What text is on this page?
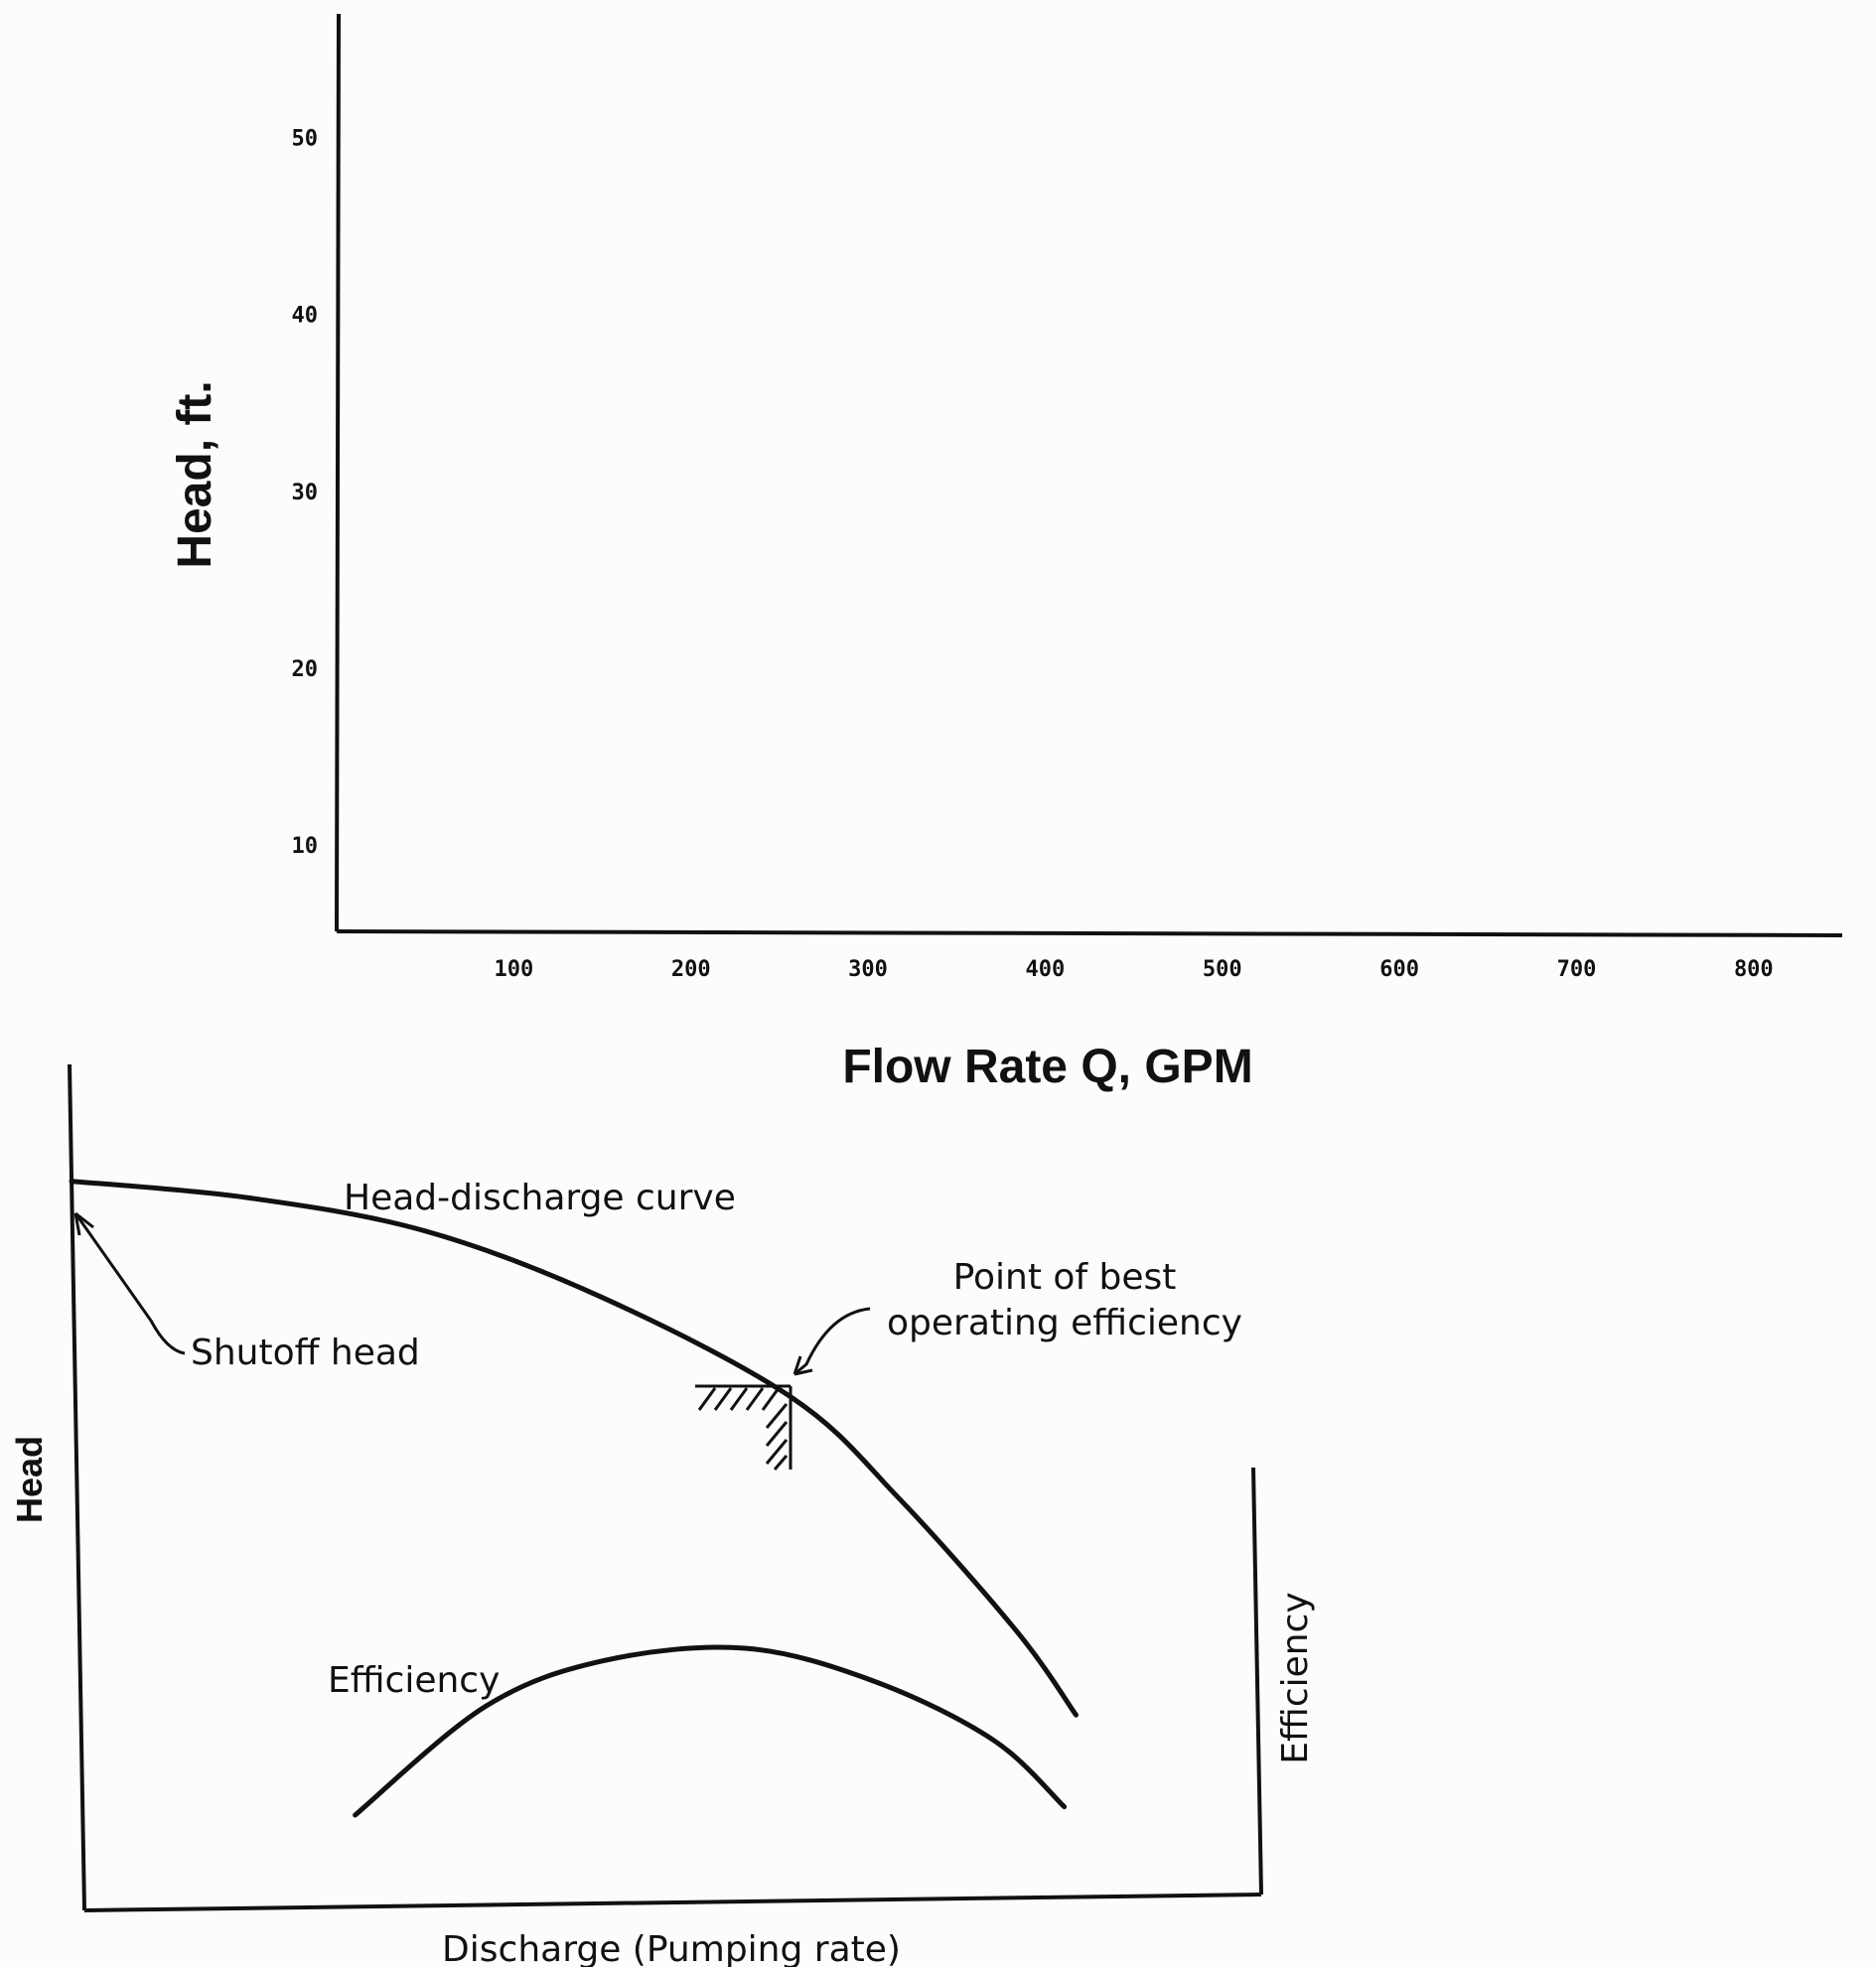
10
20
30
40
50
100	200	300	400	500	600	700	800
Head, ft.
Flow Rate Q, GPM
Head
Efficiency
Discharge (Pumping rate)
Head-discharge curve
Efficiency
Shutoff head
Point of best operating efficiency
